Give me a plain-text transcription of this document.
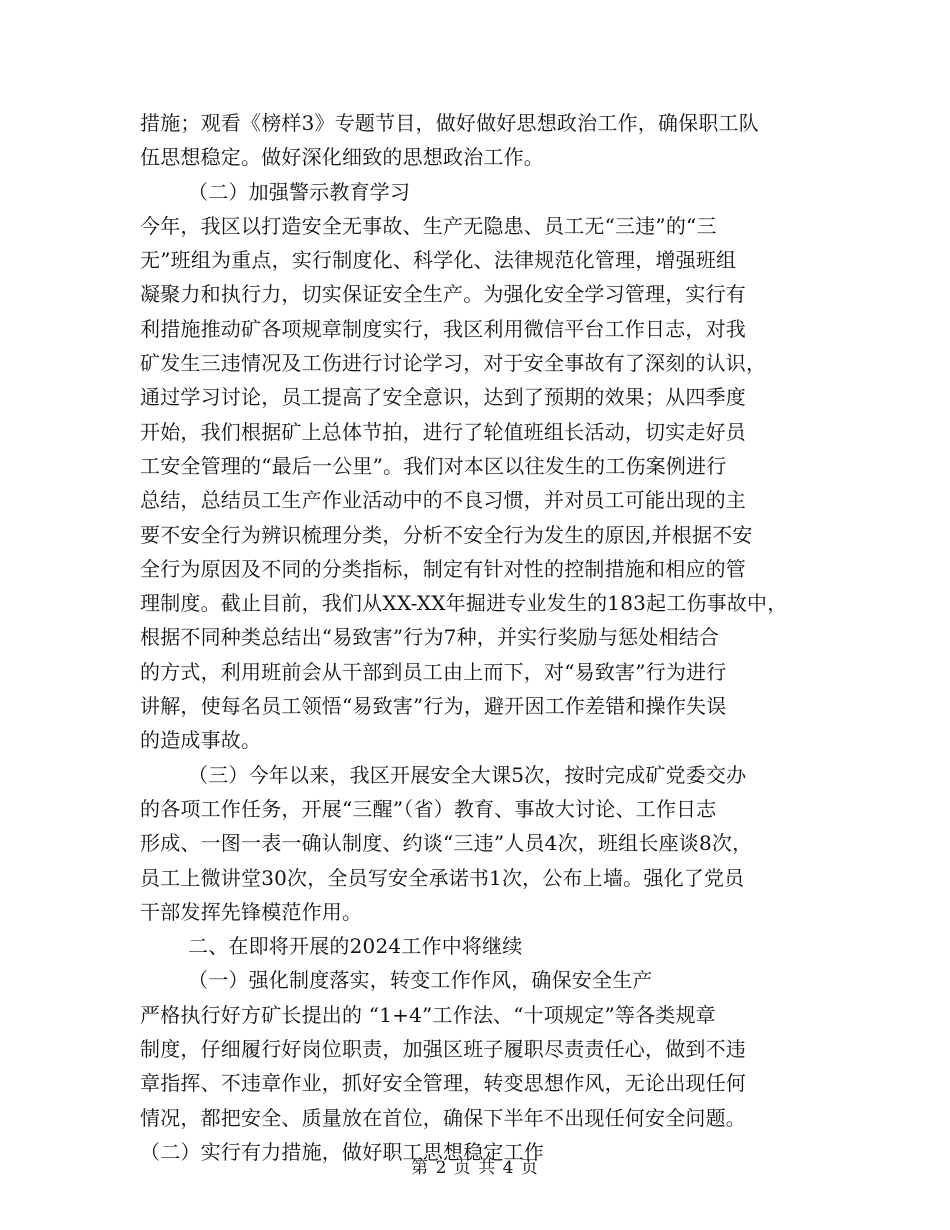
措施；观看《榜样3》专题节目，做好做好思想政治工作，确保职工队
伍思想稳定。做好深化细致的思想政治工作。
（二）加强警示教育学习
今年，我区以打造安全无事故、生产无隐患、员工无“三违”的“三
无”班组为重点，实行制度化、科学化、法律规范化管理，增强班组
凝聚力和执行力，切实保证安全生产。为强化安全学习管理，实行有
利措施推动矿各项规章制度实行，我区利用微信平台工作日志，对我
矿发生三违情况及工伤进行讨论学习，对于安全事故有了深刻的认识，
通过学习讨论，员工提高了安全意识，达到了预期的效果；从四季度
开始，我们根据矿上总体节拍，进行了轮值班组长活动，切实走好员
工安全管理的“最后一公里”。我们对本区以往发生的工伤案例进行
总结，总结员工生产作业活动中的不良习惯，并对员工可能出现的主
要不安全行为辨识梳理分类，分析不安全行为发生的原因,并根据不安
全行为原因及不同的分类指标，制定有针对性的控制措施和相应的管
理制度。截止目前，我们从XX-XX年掘进专业发生的183起工伤事故中，
根据不同种类总结出“易致害”行为7种，并实行奖励与惩处相结合
的方式，利用班前会从干部到员工由上而下，对“易致害”行为进行
讲解，使每名员工领悟“易致害”行为，避开因工作差错和操作失误
的造成事故。
（三）今年以来，我区开展安全大课5次，按时完成矿党委交办
的各项工作任务，开展“三醒”（省）教育、事故大讨论、工作日志
形成、一图一表一确认制度、约谈“三违”人员4次，班组长座谈8次，
员工上微讲堂30次，全员写安全承诺书1次，公布上墙。强化了党员
干部发挥先锋模范作用。
二、在即将开展的2024工作中将继续
（一）强化制度落实，转变工作作风，确保安全生产
严格执行好方矿长提出的 “1+4”工作法、“十项规定”等各类规章
制度，仔细履行好岗位职责，加强区班子履职尽责责任心，做到不违
章指挥、不违章作业，抓好安全管理，转变思想作风，无论出现任何
情况，都把安全、质量放在首位，确保下半年不出现任何安全问题。
（二）实行有力措施，做好职工思想稳定工作
第 2 页 共 4 页
